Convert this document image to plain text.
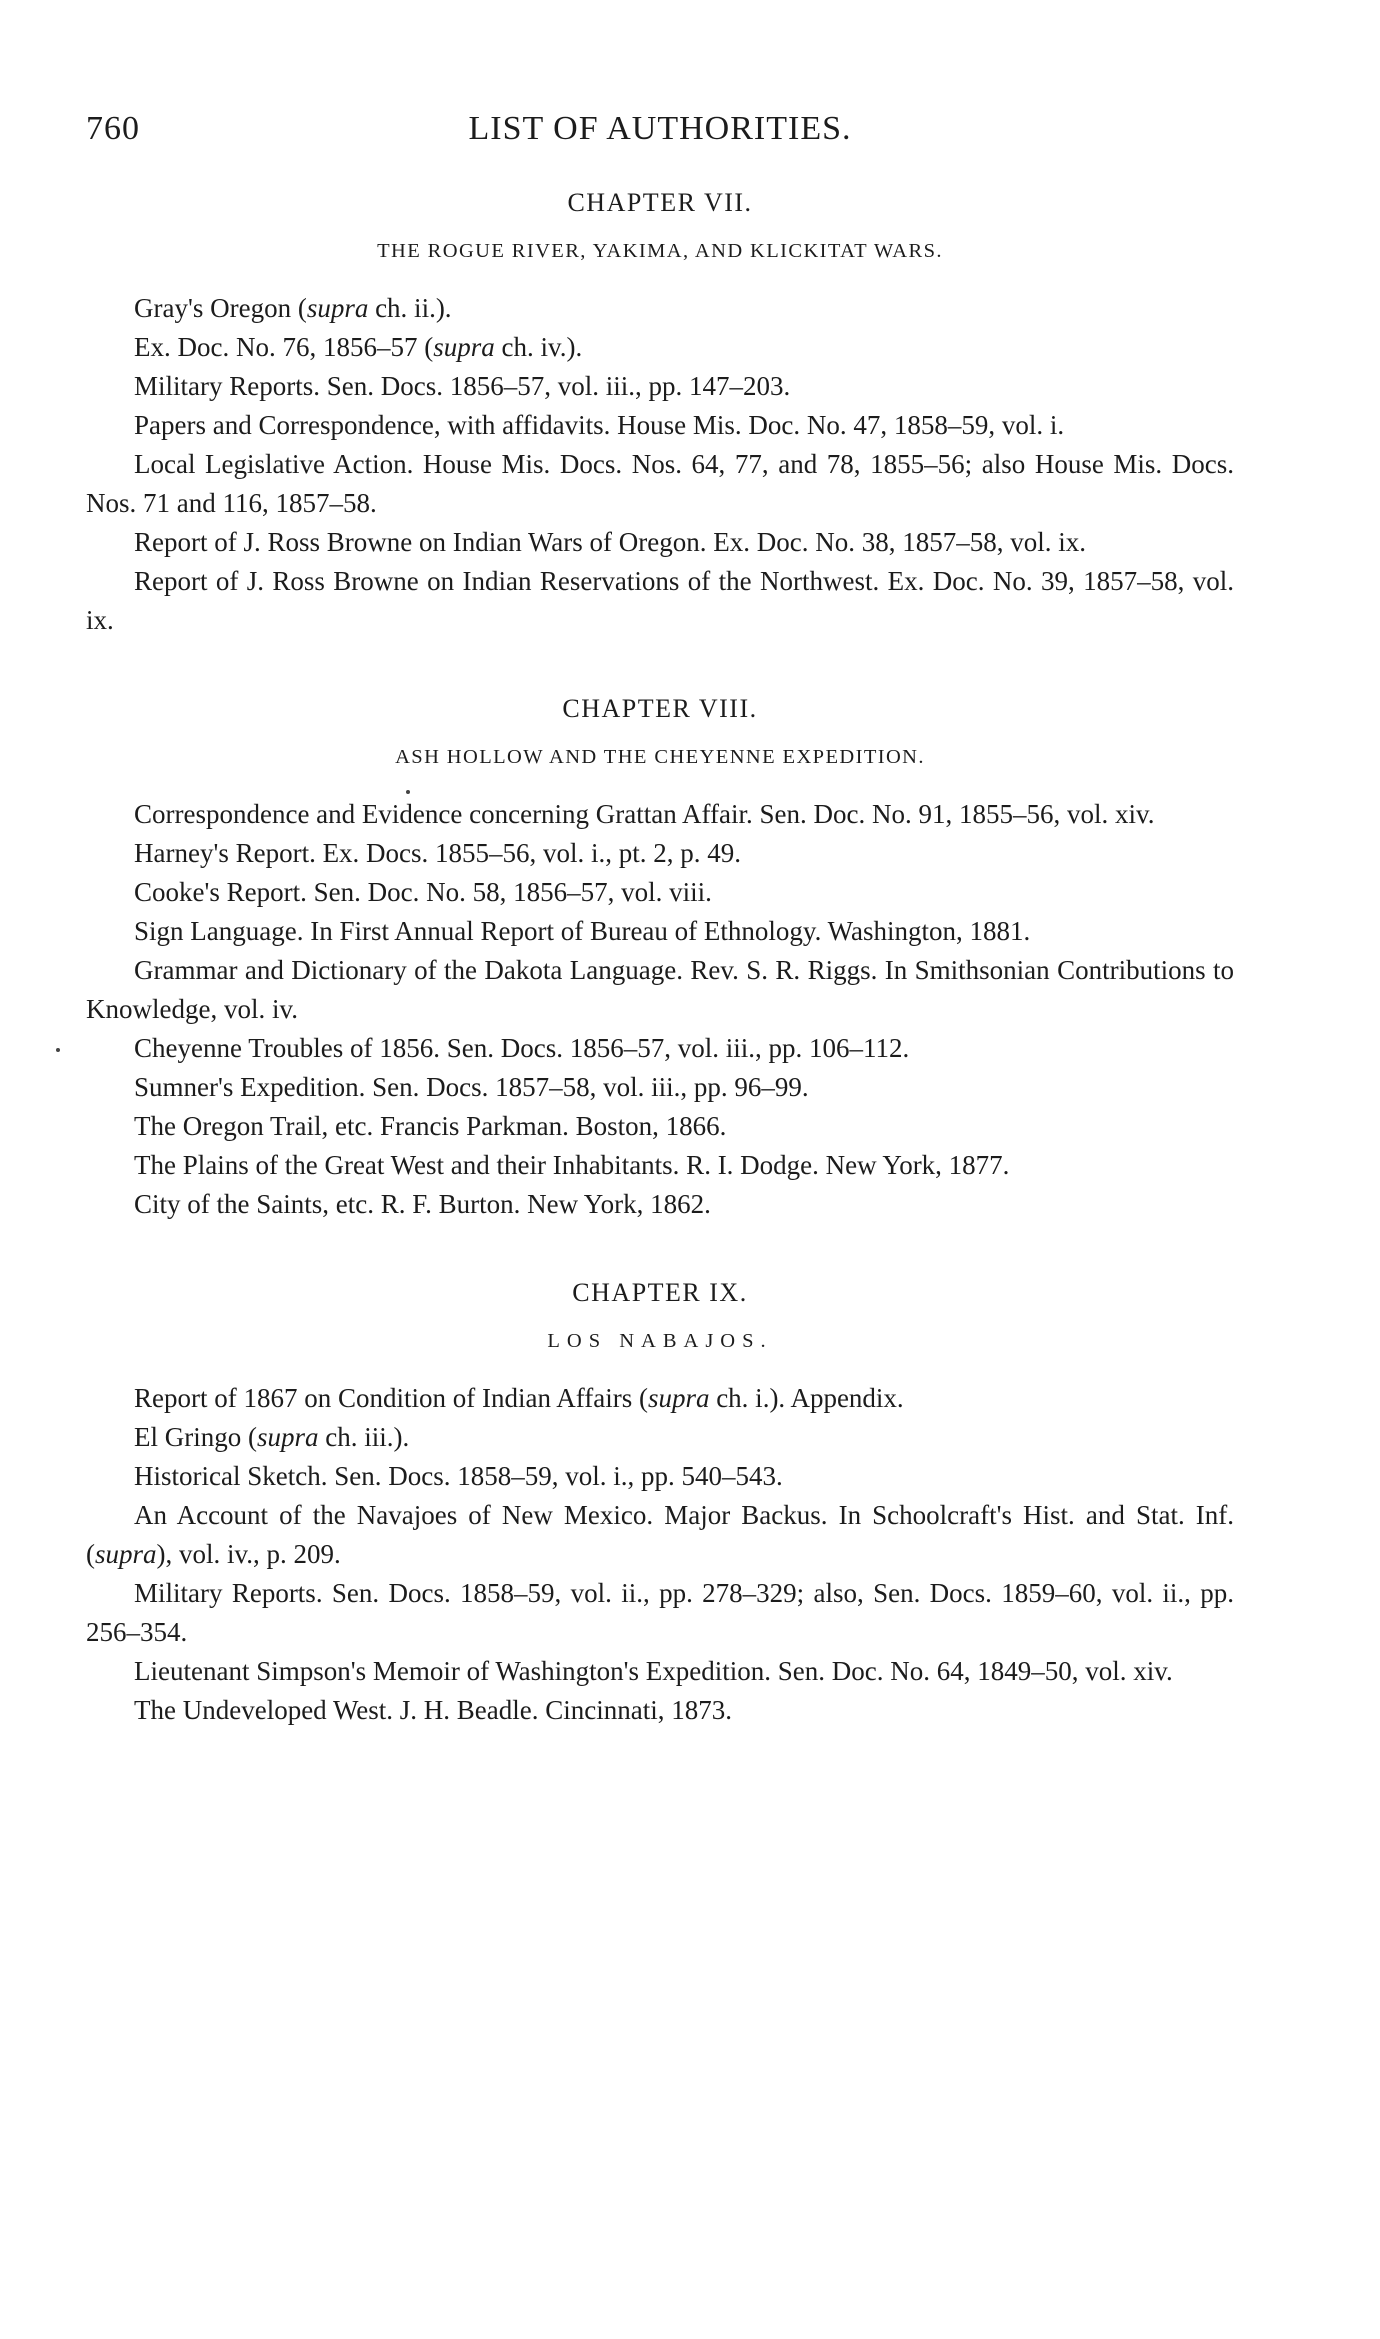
760	LIST OF AUTHORITIES.
CHAPTER VII.
THE ROGUE RIVER, YAKIMA, AND KLICKITAT WARS.

Gray's Oregon (supra ch. ii.).

Ex. Doc. No. 76, 1856–57 (supra ch. iv.).

Military Reports. Sen. Docs. 1856–57, vol. iii., pp. 147–203.

Papers and Correspondence, with affidavits. House Mis. Doc. No. 47, 1858–59, vol. i.

Local Legislative Action. House Mis. Docs. Nos. 64, 77, and 78, 1855–56; also House Mis. Docs. Nos. 71 and 116, 1857–58.

Report of J. Ross Browne on Indian Wars of Oregon. Ex. Doc. No. 38, 1857–58, vol. ix.

Report of J. Ross Browne on Indian Reservations of the Northwest. Ex. Doc. No. 39, 1857–58, vol. ix.

CHAPTER VIII.
ASH HOLLOW AND THE CHEYENNE EXPEDITION.

Correspondence and Evidence concerning Grattan Affair. Sen. Doc. No. 91, 1855–56, vol. xiv.

Harney's Report. Ex. Docs. 1855–56, vol. i., pt. 2, p. 49.

Cooke's Report. Sen. Doc. No. 58, 1856–57, vol. viii.

Sign Language. In First Annual Report of Bureau of Ethnology. Washington, 1881.

Grammar and Dictionary of the Dakota Language. Rev. S. R. Riggs. In Smithsonian Contributions to Knowledge, vol. iv.

Cheyenne Troubles of 1856. Sen. Docs. 1856–57, vol. iii., pp. 106–112.

Sumner's Expedition. Sen. Docs. 1857–58, vol. iii., pp. 96–99.

The Oregon Trail, etc. Francis Parkman. Boston, 1866.

The Plains of the Great West and their Inhabitants. R. I. Dodge. New York, 1877.

City of the Saints, etc. R. F. Burton. New York, 1862.

CHAPTER IX.
LOS NABAJOS.

Report of 1867 on Condition of Indian Affairs (supra ch. i.). Appendix.

El Gringo (supra ch. iii.).

Historical Sketch. Sen. Docs. 1858–59, vol. i., pp. 540–543.

An Account of the Navajoes of New Mexico. Major Backus. In Schoolcraft's Hist. and Stat. Inf. (supra), vol. iv., p. 209.

Military Reports. Sen. Docs. 1858–59, vol. ii., pp. 278–329; also, Sen. Docs. 1859–60, vol. ii., pp. 256–354.

Lieutenant Simpson's Memoir of Washington's Expedition. Sen. Doc. No. 64, 1849–50, vol. xiv.

The Undeveloped West. J. H. Beadle. Cincinnati, 1873.
